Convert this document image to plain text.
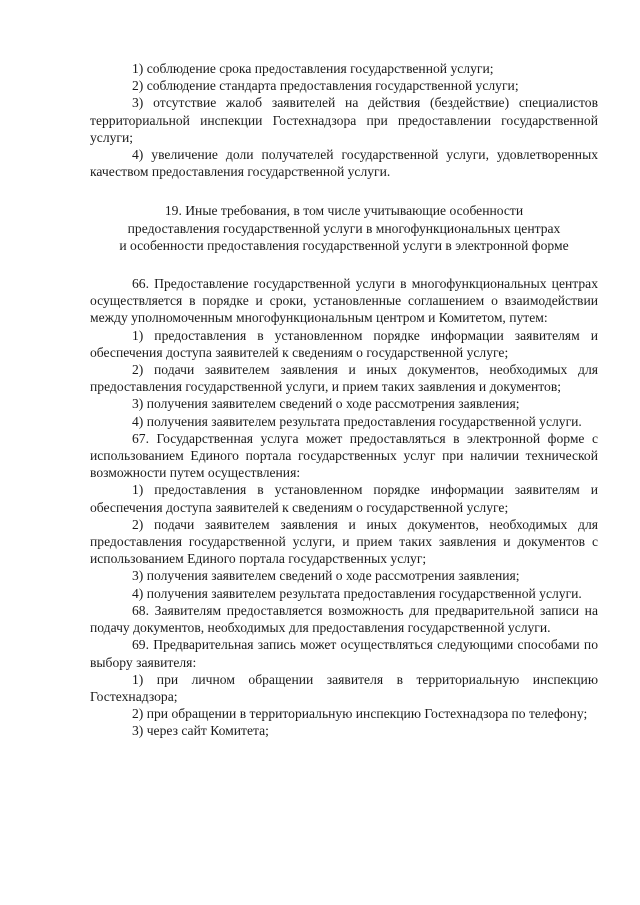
1) соблюдение срока предоставления государственной услуги;

2) соблюдение стандарта предоставления государственной услуги;

3) отсутствие жалоб заявителей на действия (бездействие) специалистов территориальной инспекции Гостехнадзора при предоставлении государственной услуги;

4) увеличение доли получателей государственной услуги, удовлетворенных качеством предоставления государственной услуги.

19. Иные требования, в том числе учитывающие особенности
предоставления государственной услуги в многофункциональных центрах
и особенности предоставления государственной услуги в электронной форме

66. Предоставление государственной услуги в многофункциональных центрах осуществляется в порядке и сроки, установленные соглашением о взаимодействии между уполномоченным многофункциональным центром и Комитетом, путем:

1) предоставления в установленном порядке информации заявителям и обеспечения доступа заявителей к сведениям о государственной услуге;

2) подачи заявителем заявления и иных документов, необходимых для предоставления государственной услуги, и прием таких заявления и документов;

3) получения заявителем сведений о ходе рассмотрения заявления;

4) получения заявителем результата предоставления государственной услуги.

67. Государственная услуга может предоставляться в электронной форме с использованием Единого портала государственных услуг при наличии технической возможности путем осуществления:

1) предоставления в установленном порядке информации заявителям и обеспечения доступа заявителей к сведениям о государственной услуге;

2) подачи заявителем заявления и иных документов, необходимых для предоставления государственной услуги, и прием таких заявления и документов с использованием Единого портала государственных услуг;

3) получения заявителем сведений о ходе рассмотрения заявления;

4) получения заявителем результата предоставления государственной услуги.

68. Заявителям предоставляется возможность для предварительной записи на подачу документов, необходимых для предоставления государственной услуги.

69. Предварительная запись может осуществляться следующими способами по выбору заявителя:

1) при личном обращении заявителя в территориальную инспекцию Гостехнадзора;

2) при обращении в территориальную инспекцию Гостехнадзора по телефону;

3) через сайт Комитета;
